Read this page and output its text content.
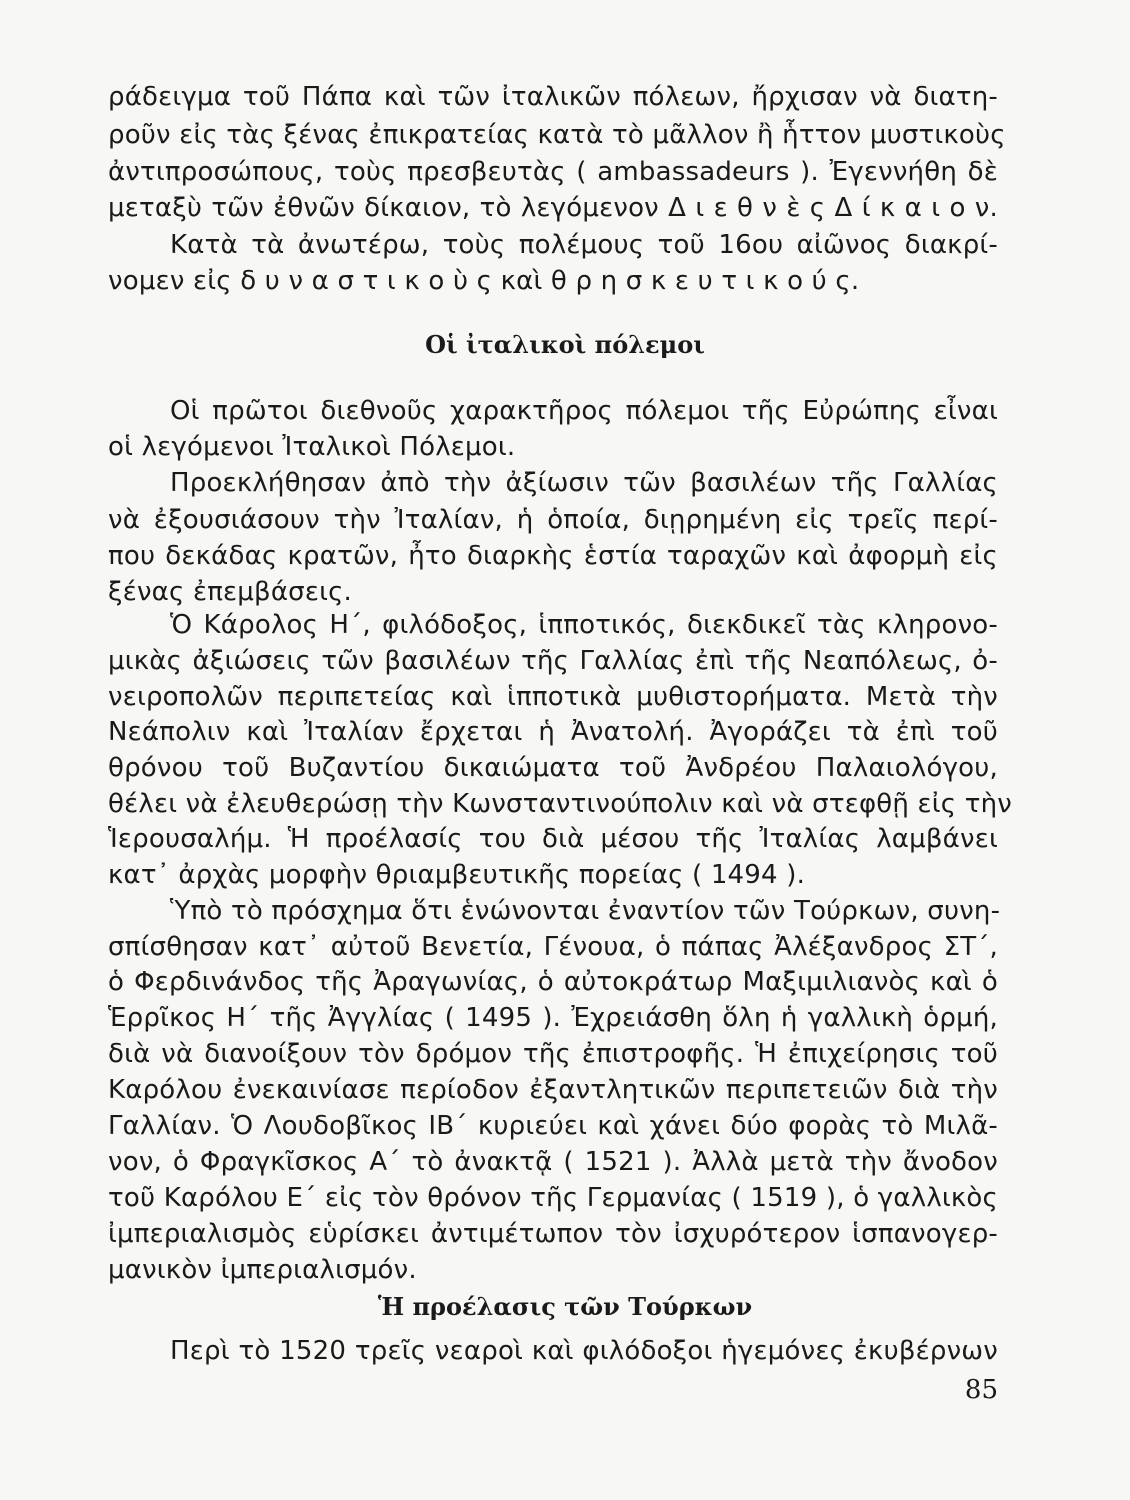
ράδειγμα τοῦ Πάπα καὶ τῶν ἰταλικῶν πόλεων, ἤρχισαν νὰ διατη-
ροῦν εἰς τὰς ξένας ἐπικρατείας κατὰ τὸ μᾶλλον ἢ ἧττον μυστικοὺς
ἀντιπροσώπους, τοὺς πρεσβευτὰς ( ambassadeurs ). Ἐγεννήθη δὲ
μεταξὺ τῶν ἐθνῶν δίκαιον, τὸ λεγόμενον Δ ι ε θ ν ὲ ς Δ ί κ α ι ο ν.
Κατὰ τὰ ἀνωτέρω, τοὺς πολέμους τοῦ 16ου αἰῶνος διακρί-
νομεν εἰς δ υ ν α σ τ ι κ ο ὺ ς καὶ θ ρ η σ κ ε υ τ ι κ ο ύ ς.
Οἱ ἰταλικοὶ πόλεμοι
Οἱ πρῶτοι διεθνοῦς χαρακτῆρος πόλεμοι τῆς Εὐρώπης εἶναι
οἱ λεγόμενοι Ἰταλικοὶ Πόλεμοι.
Προεκλήθησαν ἀπὸ τὴν ἀξίωσιν τῶν βασιλέων τῆς Γαλλίας
νὰ ἐξουσιάσουν τὴν Ἰταλίαν, ἡ ὁποία, διῃρημένη εἰς τρεῖς περί-
που δεκάδας κρατῶν, ἦτο διαρκὴς ἑστία ταραχῶν καὶ ἀφορμὴ εἰς
ξένας ἐπεμβάσεις.
Ὁ Κάρολος Η΄, φιλόδοξος, ἱπποτικός, διεκδικεῖ τὰς κληρονο-
μικὰς ἀξιώσεις τῶν βασιλέων τῆς Γαλλίας ἐπὶ τῆς Νεαπόλεως, ὀ-
νειροπολῶν περιπετείας καὶ ἱπποτικὰ μυθιστορήματα. Μετὰ τὴν
Νεάπολιν καὶ Ἰταλίαν ἔρχεται ἡ Ἀνατολή. Ἀγοράζει τὰ ἐπὶ τοῦ
θρόνου τοῦ Βυζαντίου δικαιώματα τοῦ Ἀνδρέου Παλαιολόγου,
θέλει νὰ ἐλευθερώσῃ τὴν Κωνσταντινούπολιν καὶ νὰ στεφθῇ εἰς τὴν
Ἱερουσαλήμ. Ἡ προέλασίς του διὰ μέσου τῆς Ἰταλίας λαμβάνει
κατ᾽ ἀρχὰς μορφὴν θριαμβευτικῆς πορείας ( 1494 ).
Ὑπὸ τὸ πρόσχημα ὅτι ἑνώνονται ἐναντίον τῶν Τούρκων, συνη-
σπίσθησαν κατ᾽ αὐτοῦ Βενετία, Γένουα, ὁ πάπας Ἀλέξανδρος ΣΤ΄,
ὁ Φερδινάνδος τῆς Ἀραγωνίας, ὁ αὐτοκράτωρ Μαξιμιλιανὸς καὶ ὁ
Ἑρρῖκος Η΄ τῆς Ἀγγλίας ( 1495 ). Ἐχρειάσθη ὅλη ἡ γαλλικὴ ὁρμή,
διὰ νὰ διανοίξουν τὸν δρόμον τῆς ἐπιστροφῆς. Ἡ ἐπιχείρησις τοῦ
Καρόλου ἐνεκαινίασε περίοδον ἐξαντλητικῶν περιπετειῶν διὰ τὴν
Γαλλίαν. Ὁ Λουδοβῖκος ΙΒ΄ κυριεύει καὶ χάνει δύο φορὰς τὸ Μιλᾶ-
νον, ὁ Φραγκῖσκος Α΄ τὸ ἀνακτᾷ ( 1521 ). Ἀλλὰ μετὰ τὴν ἄνοδον
τοῦ Καρόλου Ε΄ εἰς τὸν θρόνον τῆς Γερμανίας ( 1519 ), ὁ γαλλικὸς
ἰμπεριαλισμὸς εὑρίσκει ἀντιμέτωπον τὸν ἰσχυρότερον ἱσπανογερ-
μανικὸν ἰμπεριαλισμόν.
Ἡ προέλασις τῶν Τούρκων
Περὶ τὸ 1520 τρεῖς νεαροὶ καὶ φιλόδοξοι ἡγεμόνες ἐκυβέρνων
85
